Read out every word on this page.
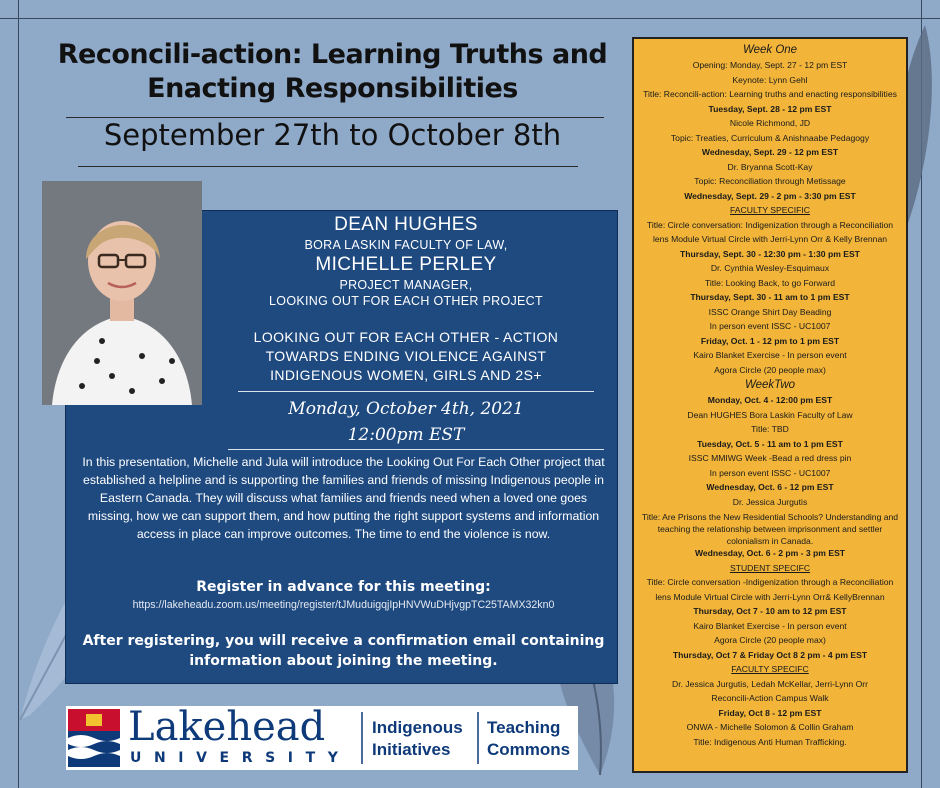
Reconcili-action: Learning Truths and
Enacting Responsibilities
September 27th to October 8th
DEAN HUGHES
BORA LASKIN FACULTY OF LAW,
MICHELLE PERLEY
PROJECT MANAGER,
LOOKING OUT FOR EACH OTHER PROJECT
LOOKING OUT FOR EACH OTHER - ACTION
TOWARDS ENDING VIOLENCE AGAINST
INDIGENOUS WOMEN, GIRLS AND 2S+
Monday, October 4th, 2021
12:00pm EST
In this presentation, Michelle and Jula will introduce the Looking Out For Each Other project that established a helpline and is supporting the families and friends of missing Indigenous people in Eastern Canada. They will discuss what families and friends need when a loved one goes missing, how we can support them, and how putting the right support systems and information access in place can improve outcomes. The time to end the violence is now.
Register in advance for this meeting:
https://lakeheadu.zoom.us/meeting/register/tJMuduigqjIpHNVWuDHjvgpTC25TAMX32kn0
After registering, you will receive a confirmation email containing
information about joining the meeting.
Lakehead
UNIVERSITY
Indigenous
Initiatives
Teaching
Commons
Week One
Opening: Monday, Sept. 27 - 12 pm EST
Keynote: Lynn Gehl
Title: Reconcili-action: Learning truths and enacting responsibilities
Tuesday, Sept. 28 - 12 pm EST
Nicole Richmond, JD
Topic: Treaties, Curriculum & Anishnaabe Pedagogy
Wednesday, Sept. 29 - 12 pm EST
Dr. Bryanna Scott-Kay
Topic: Reconciliation through Metissage
Wednesday, Sept. 29 - 2 pm - 3:30 pm EST
FACULTY SPECIFIC
Title: Circle conversation: Indigenization through a Reconciliation
lens Module Virtual Circle with Jerri-Lynn Orr & Kelly Brennan
Thursday, Sept. 30 - 12:30 pm - 1:30 pm EST
Dr. Cynthia Wesley-Esquimaux
Title: Looking Back, to go Forward
Thursday, Sept. 30 - 11 am to 1 pm EST
ISSC Orange Shirt Day Beading
In person event ISSC - UC1007
Friday, Oct. 1 - 12 pm to 1 pm EST
Kairo Blanket Exercise - In person event
Agora Circle (20 people max)
WeekTwo
Monday, Oct. 4 - 12:00 pm EST
Dean HUGHES Bora Laskin Faculty of Law
Title: TBD
Tuesday, Oct. 5 - 11 am to 1 pm EST
ISSC MMIWG Week -Bead a red dress pin
In person event ISSC - UC1007
Wednesday, Oct. 6 - 12 pm EST
Dr. Jessica Jurgutis
Title: Are Prisons the New Residential Schools? Understanding and teaching the relationship between imprisonment and settler colonialism in Canada.
Wednesday, Oct. 6 - 2 pm - 3 pm EST
STUDENT SPECIFC
Title: Circle conversation -Indigenization through a Reconciliation
lens Module Virtual Circle with Jerri-Lynn Orr& KellyBrennan
Thursday, Oct 7 - 10 am to 12 pm EST
Kairo Blanket Exercise - In person event
Agora Circle (20 people max)
Thursday, Oct 7 & Friday Oct 8 2 pm - 4 pm EST
FACULTY SPECIFC
Dr. Jessica Jurgutis, Ledah McKellar, Jerri-Lynn Orr
Reconcili-Action Campus Walk
Friday, Oct 8 - 12 pm EST
ONWA - Michelle Solomon & Collin Graham
Title: Indigenous Anti Human Trafficking.
